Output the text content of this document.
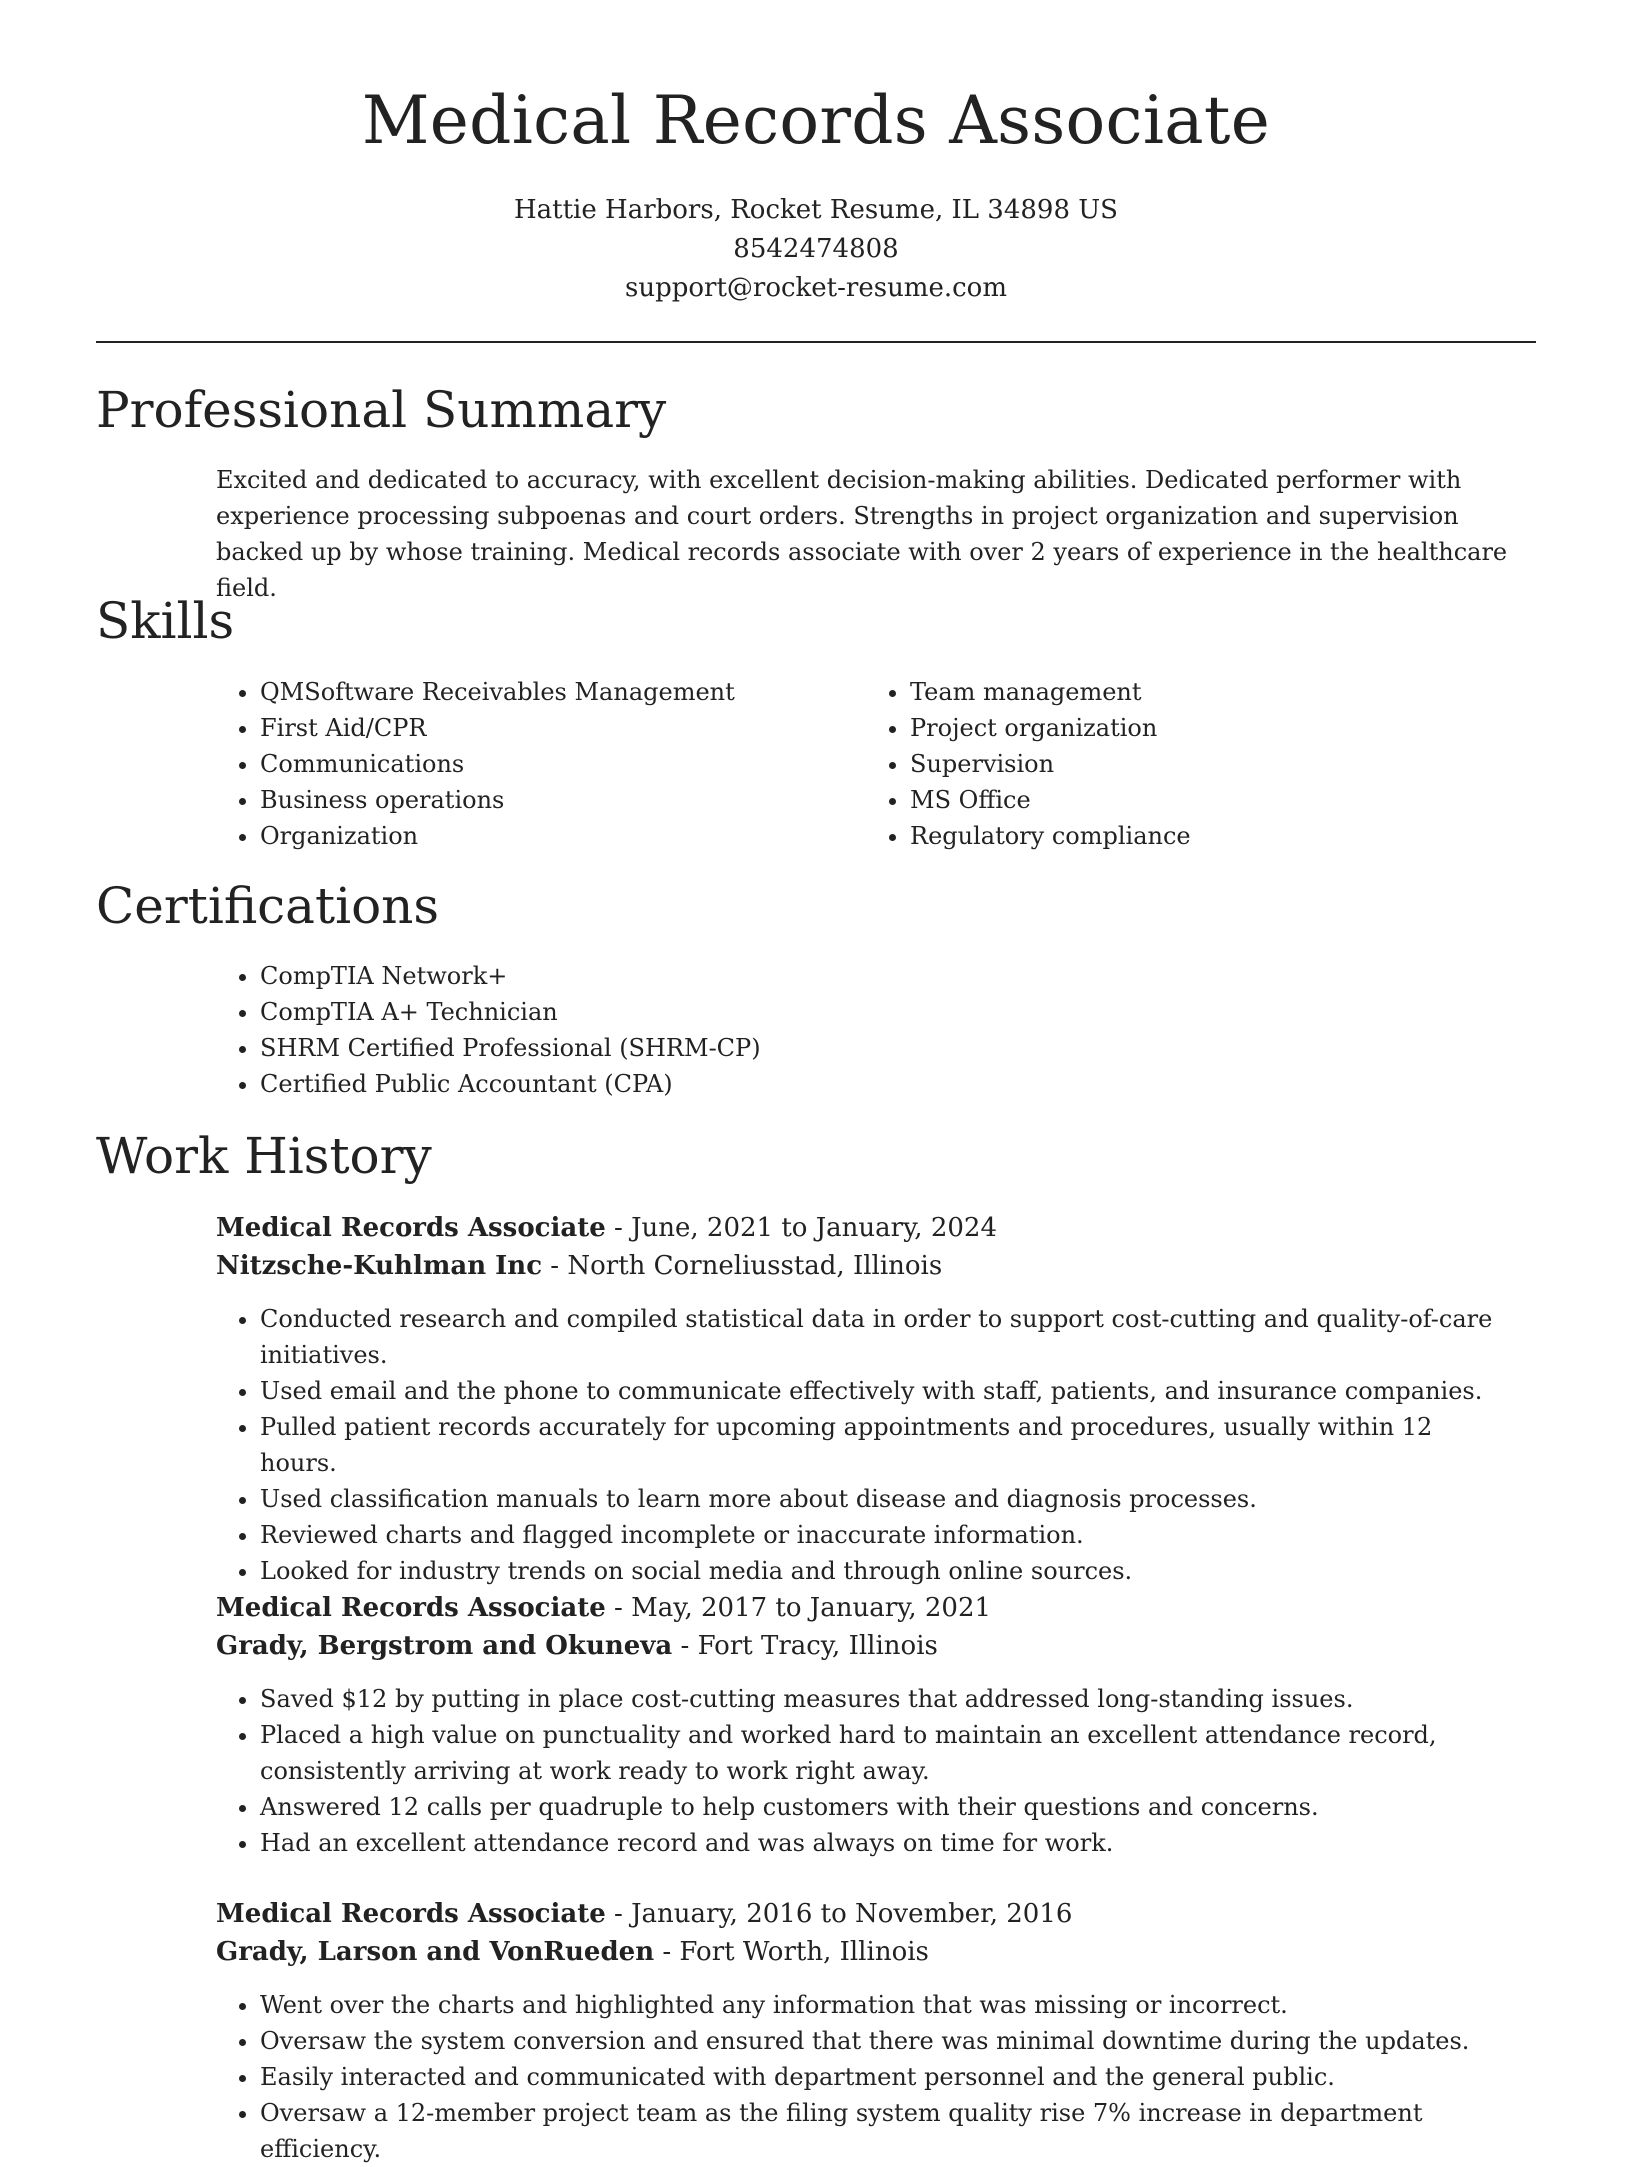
Medical Records Associate
Hattie Harbors, Rocket Resume, IL 34898 US
8542474808
support@rocket-resume.com
Professional Summary

Excited and dedicated to accuracy, with excellent decision-making abilities. Dedicated performer with experience processing subpoenas and court orders. Strengths in project organization and supervision backed up by whose training. Medical records associate with over 2 years of experience in the healthcare field.

Skills
• QMSoftware Receivables Management
• First Aid/CPR
• Communications
• Business operations
• Organization
• Team management
• Project organization
• Supervision
• MS Office
• Regulatory compliance
Certifications
• CompTIA Network+
• CompTIA A+ Technician
• SHRM Certified Professional (SHRM-CP)
• Certified Public Accountant (CPA)
Work History
Medical Records Associate - June, 2021 to January, 2024
Nitzsche-Kuhlman Inc - North Corneliusstad, Illinois
• Conducted research and compiled statistical data in order to support cost-cutting and quality-of-care initiatives.
• Used email and the phone to communicate effectively with staff, patients, and insurance companies.
• Pulled patient records accurately for upcoming appointments and procedures, usually within 12 hours.
• Used classification manuals to learn more about disease and diagnosis processes.
• Reviewed charts and flagged incomplete or inaccurate information.
• Looked for industry trends on social media and through online sources.
Medical Records Associate - May, 2017 to January, 2021
Grady, Bergstrom and Okuneva - Fort Tracy, Illinois
• Saved $12 by putting in place cost-cutting measures that addressed long-standing issues.
• Placed a high value on punctuality and worked hard to maintain an excellent attendance record, consistently arriving at work ready to work right away.
• Answered 12 calls per quadruple to help customers with their questions and concerns.
• Had an excellent attendance record and was always on time for work.
Medical Records Associate - January, 2016 to November, 2016
Grady, Larson and VonRueden - Fort Worth, Illinois
• Went over the charts and highlighted any information that was missing or incorrect.
• Oversaw the system conversion and ensured that there was minimal downtime during the updates.
• Easily interacted and communicated with department personnel and the general public.
• Oversaw a 12-member project team as the filing system quality rise 7% increase in department efficiency.
